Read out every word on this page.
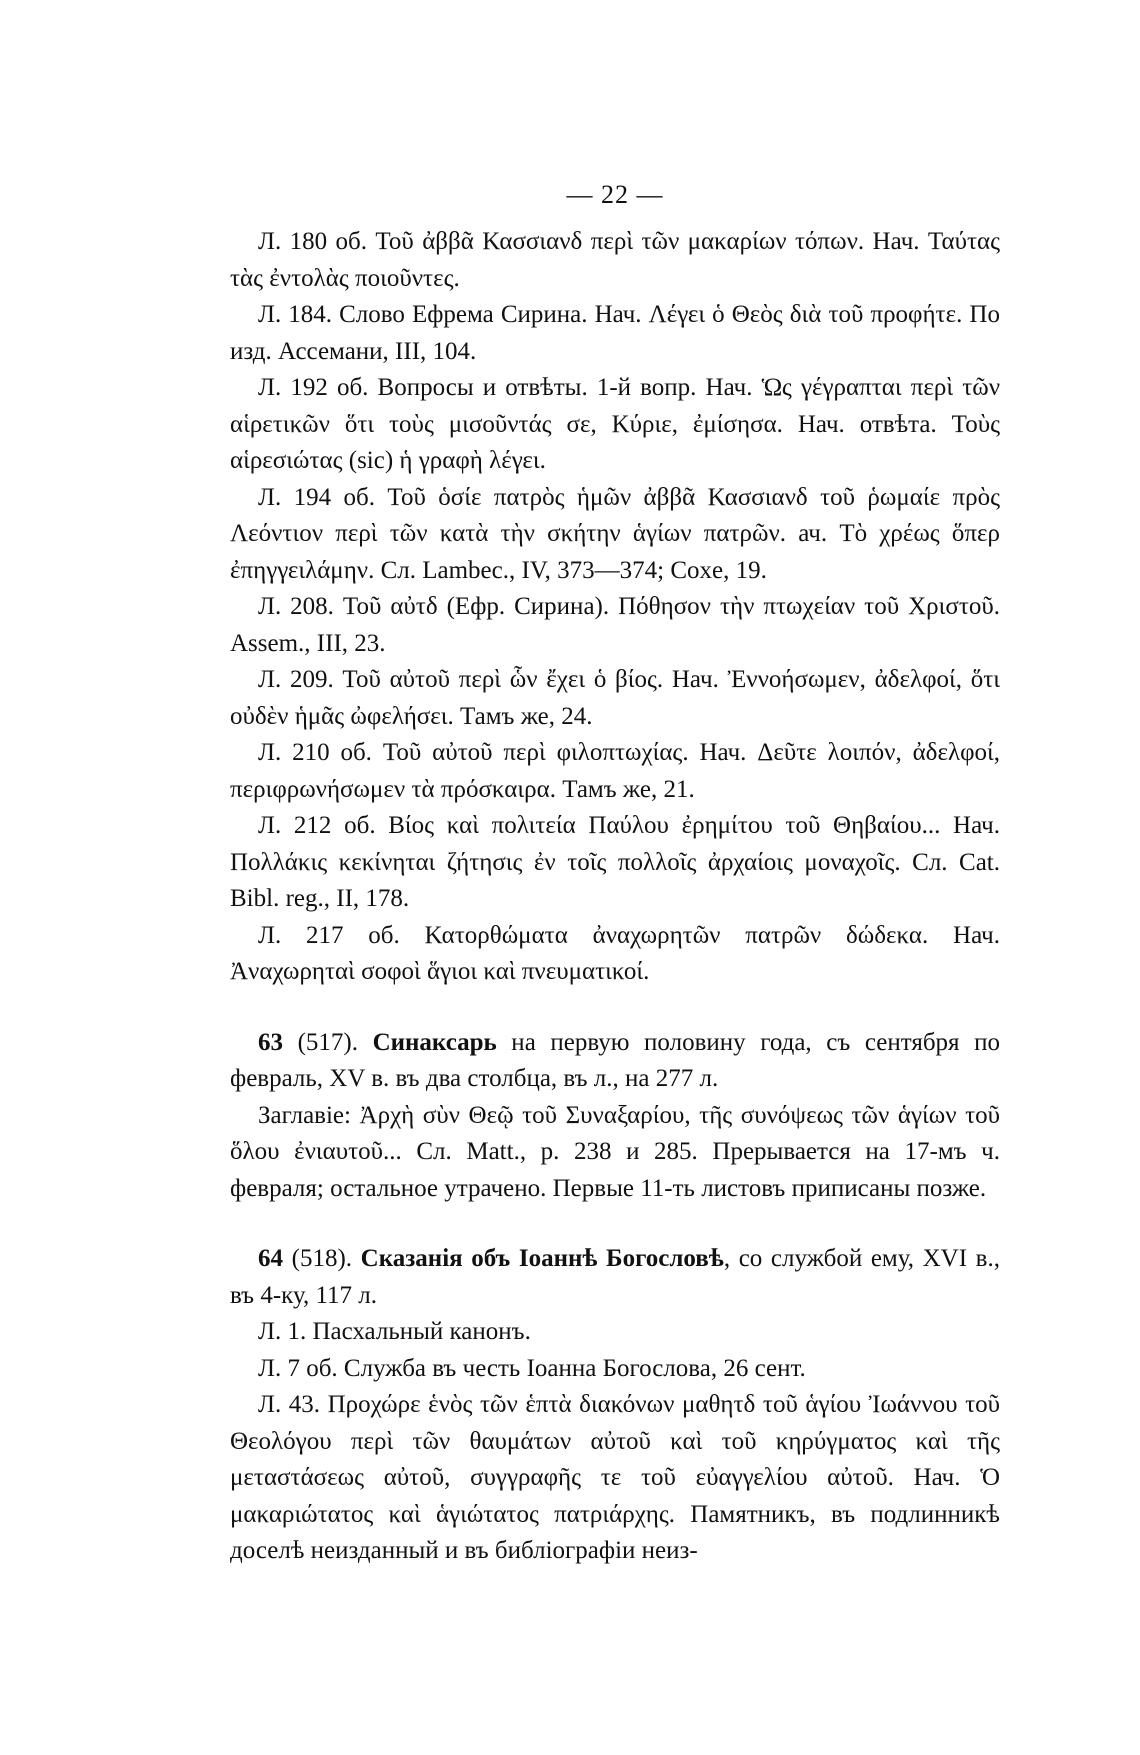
— 22 —

Л. 180 об. Τοῦ ἀββᾶ Κασσιανδ περὶ τῶν μακαρίων τόπων. Нач. Ταύτας τὰς ἐντολὰς ποιοῦντες.

Л. 184. Слово Ефрема Сирина. Нач. Λέγει ὁ Θεὸς διὰ τοῦ προφήτε. По изд. Ассемани, III, 104.

Л. 192 об. Вопросы и отвѣты. 1-й вопр. Нач. Ὡς γέγραπται περὶ τῶν αἱρετικῶν ὅτι τοὺς μισοῦντάς σε, Κύριε, ἐμίσησα. Нач. отвѣта. Τοὺς αἱρεσιώτας (sic) ἡ γραφὴ λέγει.

Л. 194 об. Τοῦ ὁσίε πατρὸς ἡμῶν ἀββᾶ Κασσιανδ τοῦ ῥωμαίε πρὸς Λεόντιον περὶ τῶν κατὰ τὴν σκήτην ἁγίων πατρῶν. ач. Τὸ χρέως ὅπερ ἐπηγγειλάμην. Сл. Lambec., IV, 373—374; Coxe, 19.

Л. 208. Τοῦ αὐτδ (Ефр. Сирина). Πόθησον τὴν πτωχείαν τοῦ Χριστοῦ. Assem., III, 23.

Л. 209. Τοῦ αὐτοῦ περὶ ὧν ἔχει ὁ βίος. Нач. Ἐννοήσωμεν, ἀδελφοί, ὅτι οὐδὲν ἡμᾶς ὠφελήσει. Тамъ же, 24.

Л. 210 об. Τοῦ αὐτοῦ περὶ φιλοπτωχίας. Нач. Δεῦτε λοιπόν, ἀδελφοί, περιφρωνήσωμεν τὰ πρόσκαιρα. Тамъ же, 21.

Л. 212 об. Βίος καὶ πολιτεία Παύλου ἐρημίτου τοῦ Θηβαίου... Нач. Πολλάκις κεκίνηται ζήτησις ἐν τοῖς πολλοῖς ἀρχαίοις μοναχοῖς. Сл. Cat. Bibl. reg., II, 178.

Л. 217 об. Κατορθώματα ἀναχωρητῶν πατρῶν δώδεκα. Нач. Ἀναχωρηταὶ σοφοὶ ἅγιοι καὶ πνευματικοί.

63 (517). Синаксарь на первую половину года, съ сентября по февраль, XV в. въ два столбца, въ л., на 277 л.

Заглавіе: Ἀρχὴ σὺν Θεῷ τοῦ Συναξαρίου, τῆς συνόψεως τῶν ἁγίων τοῦ ὅλου ἐνιαυτοῦ... Сл. Matt., p. 238 и 285. Прерывается на 17-мъ ч. февраля; остальное утрачено. Первые 11-ть листовъ приписаны позже.

64 (518). Сказанія объ Іоаннѣ Богословѣ, со службой ему, XVI в., въ 4-ку, 117 л.

Л. 1. Пасхальный канонъ.

Л. 7 об. Служба въ честь Іоанна Богослова, 26 сент.

Л. 43. Προχώρε ἑνὸς τῶν ἑπτὰ διακόνων μαθητδ τοῦ ἁγίου Ἰωάννου τοῦ Θεολόγου περὶ τῶν θαυμάτων αὐτοῦ καὶ τοῦ κηρύγματος καὶ τῆς μεταστάσεως αὐτοῦ, συγγραφῆς τε τοῦ εὐαγγελίου αὐτοῦ. Нач. Ὁ μακαριώτατος καὶ ἁγιώτατος πατριάρχης. Памятникъ, въ подлинникѣ доселѣ неизданный и въ библіографіи неиз-
